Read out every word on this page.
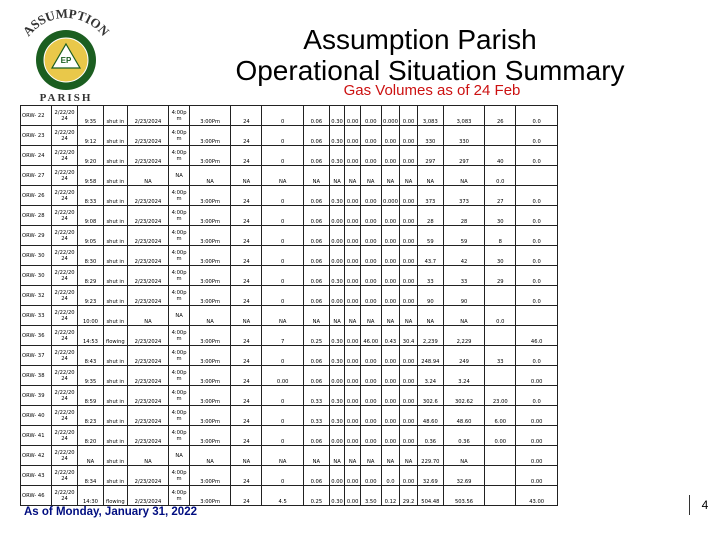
ASSUMPTION
EP
PARISH
Assumption Parish
Operational Situation Summary
Gas Volumes as of 24 Feb
ORW- 22	2/22/20 24	9:35	shut in	2/23/2024	4:00p m	3:00Pm	24	0	0.06	0.30	0.00	0.00	0.000	0.00	3,083	3,083	26	0.0
ORW- 23	2/22/20 24	9:12	shut in	2/23/2024	4:00p m	3:00Pm	24	0	0.06	0.30	0.00	0.00	0.00	0.00	330	330		0.0
ORW- 24	2/22/20 24	9:20	shut in	2/23/2024	4:00p m	3:00Pm	24	0	0.06	0.30	0.00	0.00	0.00	0.00	297	297	40	0.0
ORW- 27	2/22/20 24	9:58	shut in	NA	NA	NA	NA	NA	NA	NA	NA	NA	NA	NA	NA	NA	0.0	
ORW- 26	2/22/20 24	8:33	shut in	2/23/2024	4:00p m	3:00Pm	24	0	0.06	0.30	0.00	0.00	0.000	0.00	373	373	27	0.0
ORW- 28	2/22/20 24	9:08	shut in	2/23/2024	4:00p m	3:00Pm	24	0	0.06	0.00	0.00	0.00	0.00	0.00	28	28	30	0.0
ORW- 29	2/22/20 24	9:05	shut in	2/23/2024	4:00p m	3:00Pm	24	0	0.06	0.00	0.00	0.00	0.00	0.00	59	59	8	0.0
ORW- 30	2/22/20 24	8:30	shut in	2/23/2024	4:00p m	3:00Pm	24	0	0.06	0.00	0.00	0.00	0.00	0.00	43.7	42	30	0.0
ORW- 30	2/22/20 24	8:29	shut in	2/23/2024	4:00p m	3:00Pm	24	0	0.06	0.30	0.00	0.00	0.00	0.00	33	33	29	0.0
ORW- 32	2/22/20 24	9:23	shut in	2/23/2024	4:00p m	3:00Pm	24	0	0.06	0.00	0.00	0.00	0.00	0.00	90	90		0.0
ORW- 33	2/22/20 24	10:00	shut in	NA	NA	NA	NA	NA	NA	NA	NA	NA	NA	NA	NA	NA	0.0	
ORW- 36	2/22/20 24	14:53	flowing	2/23/2024	4:00p m	3:00Pm	24	7	0.25	0.30	0.00	46.00	0.43	30.4	2,239	2,229		46.0
ORW- 37	2/22/20 24	8:43	shut in	2/23/2024	4:00p m	3:00Pm	24	0	0.06	0.30	0.00	0.00	0.00	0.00	248.94	249	33	0.0
ORW- 38	2/22/20 24	9:35	shut in	2/23/2024	4:00p m	3:00Pm	24	0.00	0.06	0.00	0.00	0.00	0.00	0.00	3.24	3.24		0.00
ORW- 39	2/22/20 24	8:59	shut in	2/23/2024	4:00p m	3:00Pm	24	0	0.33	0.30	0.00	0.00	0.00	0.00	302.6	302.62	23.00	0.0
ORW- 40	2/22/20 24	8:23	shut in	2/23/2024	4:00p m	3:00Pm	24	0	0.33	0.30	0.00	0.00	0.00	0.00	48.60	48.60	6.00	0.00
ORW- 41	2/22/20 24	8:20	shut in	2/23/2024	4:00p m	3:00Pm	24	0	0.06	0.00	0.00	0.00	0.00	0.00	0.36	0.36	0.00	0.00
ORW- 42	2/22/20 24	NA	shut in	NA	NA	NA	NA	NA	NA	NA	NA	NA	NA	NA	229.70	NA		0.00
ORW- 43	2/22/20 24	8:34	shut in	2/23/2024	4:00p m	3:00Pm	24	0	0.06	0.00	0.00	0.00	0.0	0.00	32.69	32.69		0.00
ORW- 46	2/22/20 24	14:30	flowing	2/23/2024	4:00p m	3:00Pm	24	4.5	0.25	0.30	0.00	3.50	0.12	29.2	504.48	503.56		43.00
As of Monday, January 31, 2022	4
